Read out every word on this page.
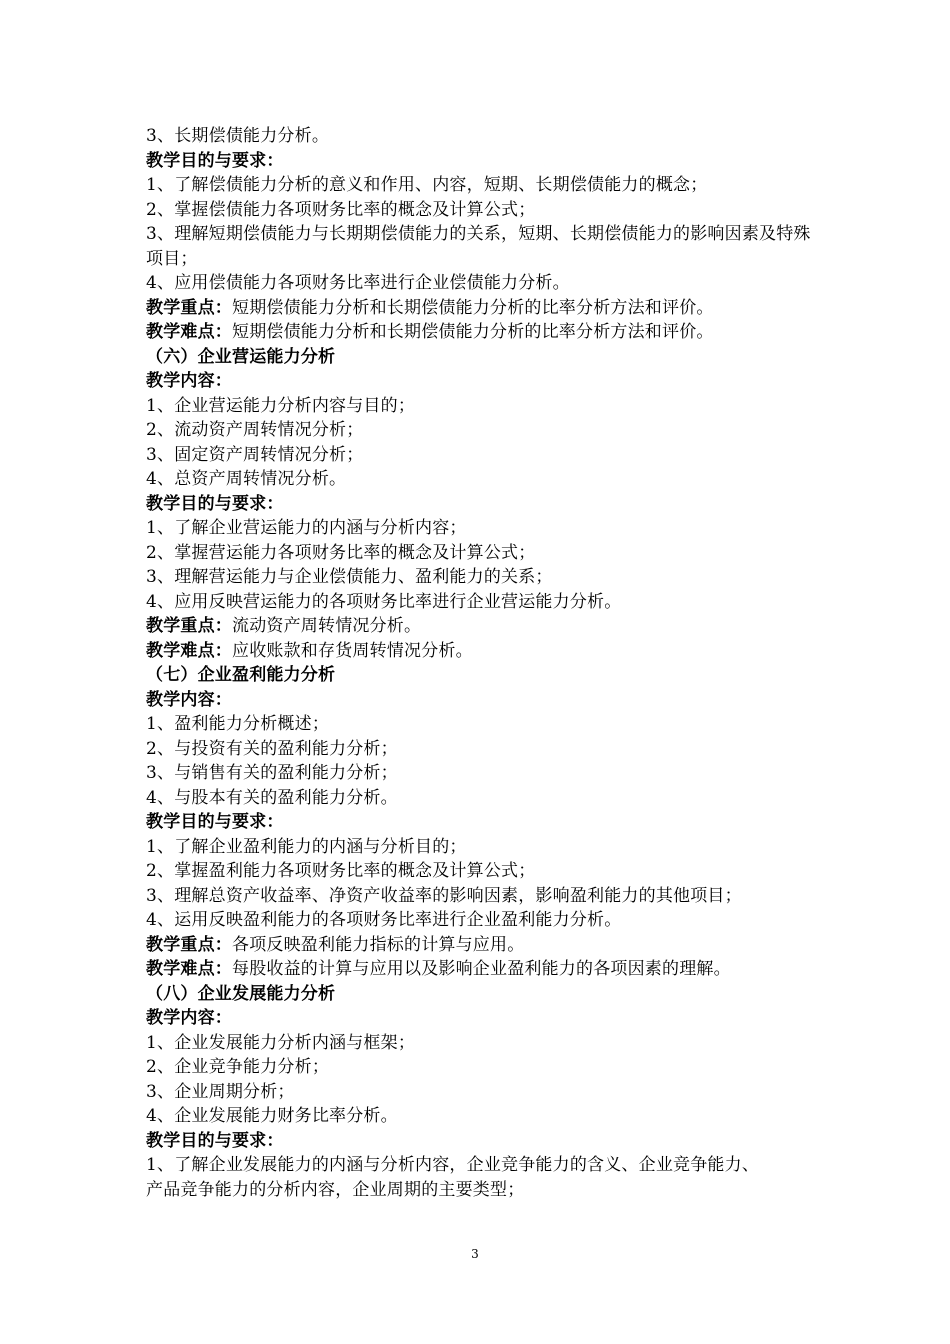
3、长期偿债能力分析。
教学目的与要求：
1、了解偿债能力分析的意义和作用、内容，短期、长期偿债能力的概念；
2、掌握偿债能力各项财务比率的概念及计算公式；
3、理解短期偿债能力与长期期偿债能力的关系，短期、长期偿债能力的影响因素及特殊项目；
4、应用偿债能力各项财务比率进行企业偿债能力分析。
教学重点：短期偿债能力分析和长期偿债能力分析的比率分析方法和评价。
教学难点：短期偿债能力分析和长期偿债能力分析的比率分析方法和评价。
（六）企业营运能力分析
教学内容：
1、企业营运能力分析内容与目的；
2、流动资产周转情况分析；
3、固定资产周转情况分析；
4、总资产周转情况分析。
教学目的与要求：
1、了解企业营运能力的内涵与分析内容；
2、掌握营运能力各项财务比率的概念及计算公式；
3、理解营运能力与企业偿债能力、盈利能力的关系；
4、应用反映营运能力的各项财务比率进行企业营运能力分析。
教学重点：流动资产周转情况分析。
教学难点：应收账款和存货周转情况分析。
（七）企业盈利能力分析
教学内容：
1、盈利能力分析概述；
2、与投资有关的盈利能力分析；
3、与销售有关的盈利能力分析；
4、与股本有关的盈利能力分析。
教学目的与要求：
1、了解企业盈利能力的内涵与分析目的；
2、掌握盈利能力各项财务比率的概念及计算公式；
3、理解总资产收益率、净资产收益率的影响因素，影响盈利能力的其他项目；
4、运用反映盈利能力的各项财务比率进行企业盈利能力分析。
教学重点：各项反映盈利能力指标的计算与应用。
教学难点：每股收益的计算与应用以及影响企业盈利能力的各项因素的理解。
（八）企业发展能力分析
教学内容：
1、企业发展能力分析内涵与框架；
2、企业竞争能力分析；
3、企业周期分析；
4、企业发展能力财务比率分析。
教学目的与要求：
1、了解企业发展能力的内涵与分析内容，企业竞争能力的含义、企业竞争能力、
产品竞争能力的分析内容，企业周期的主要类型；
3
